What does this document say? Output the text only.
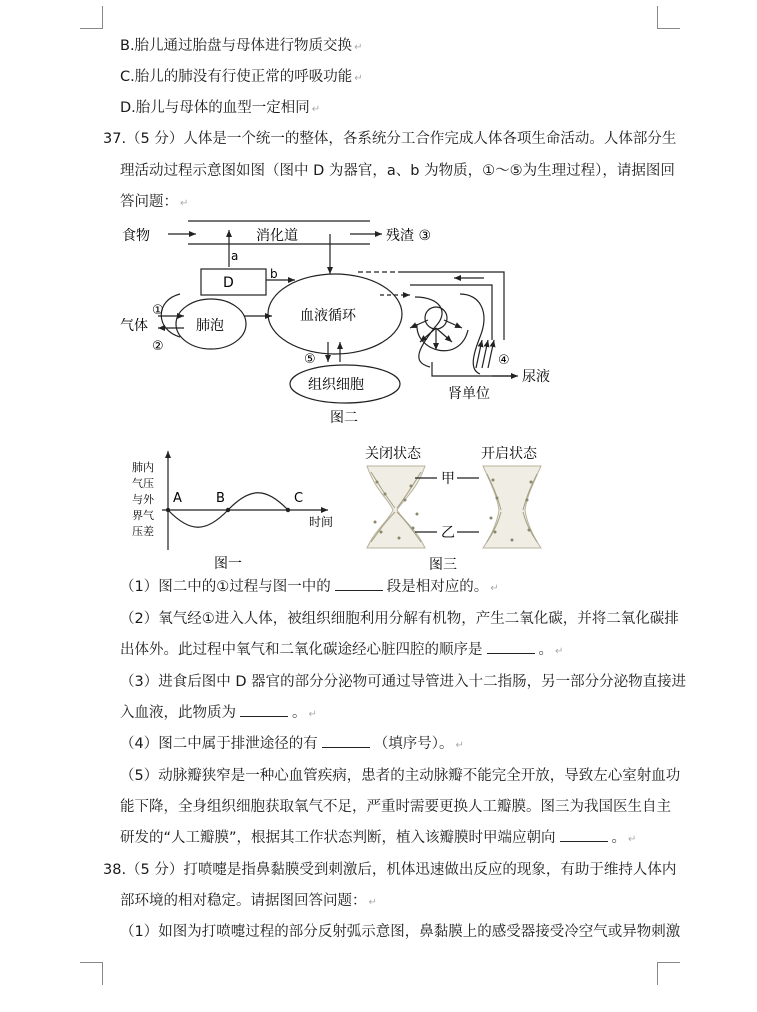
B.胎儿通过胎盘与母体进行物质交换 ↵
C.胎儿的肺没有行使正常的呼吸功能 ↵
D.胎儿与母体的血型一定相同 ↵
37.（5 分）人体是一个统一的整体，各系统分工合作完成人体各项生命活动。人体部分生
理活动过程示意图如图（图中 D 为器官，a、b 为物质，①～⑤为生理过程），请据图回
答问题： ↵
食物	消化道	残渣 ③
a
b
D
①
②
气体	肺泡
血液循环
⑤
组织细胞
④
尿液
肾单位
图二
肺内
气压
与外
界气
压差
A	B	C
时间
图一
关闭状态	开启状态
甲
乙
图三
（1）图二中的①过程与图一中的	段是相对应的。 ↵
（2）氧气经①进入人体，被组织细胞利用分解有机物，产生二氧化碳，并将二氧化碳排
出体外。此过程中氧气和二氧化碳途经心脏四腔的顺序是	。 ↵
（3）进食后图中 D 器官的部分分泌物可通过导管进入十二指肠，另一部分分泌物直接进
入血液，此物质为	。 ↵
（4）图二中属于排泄途径的有	（填序号）。 ↵
（5）动脉瓣狭窄是一种心血管疾病，患者的主动脉瓣不能完全开放，导致左心室射血功
能下降，全身组织细胞获取氧气不足，严重时需要更换人工瓣膜。图三为我国医生自主
研发的“人工瓣膜”，根据其工作状态判断，植入该瓣膜时甲端应朝向	。 ↵
38.（5 分）打喷嚏是指鼻黏膜受到刺激后，机体迅速做出反应的现象，有助于维持人体内
部环境的相对稳定。请据图回答问题： ↵
（1）如图为打喷嚏过程的部分反射弧示意图，鼻黏膜上的感受器接受冷空气或异物刺激
